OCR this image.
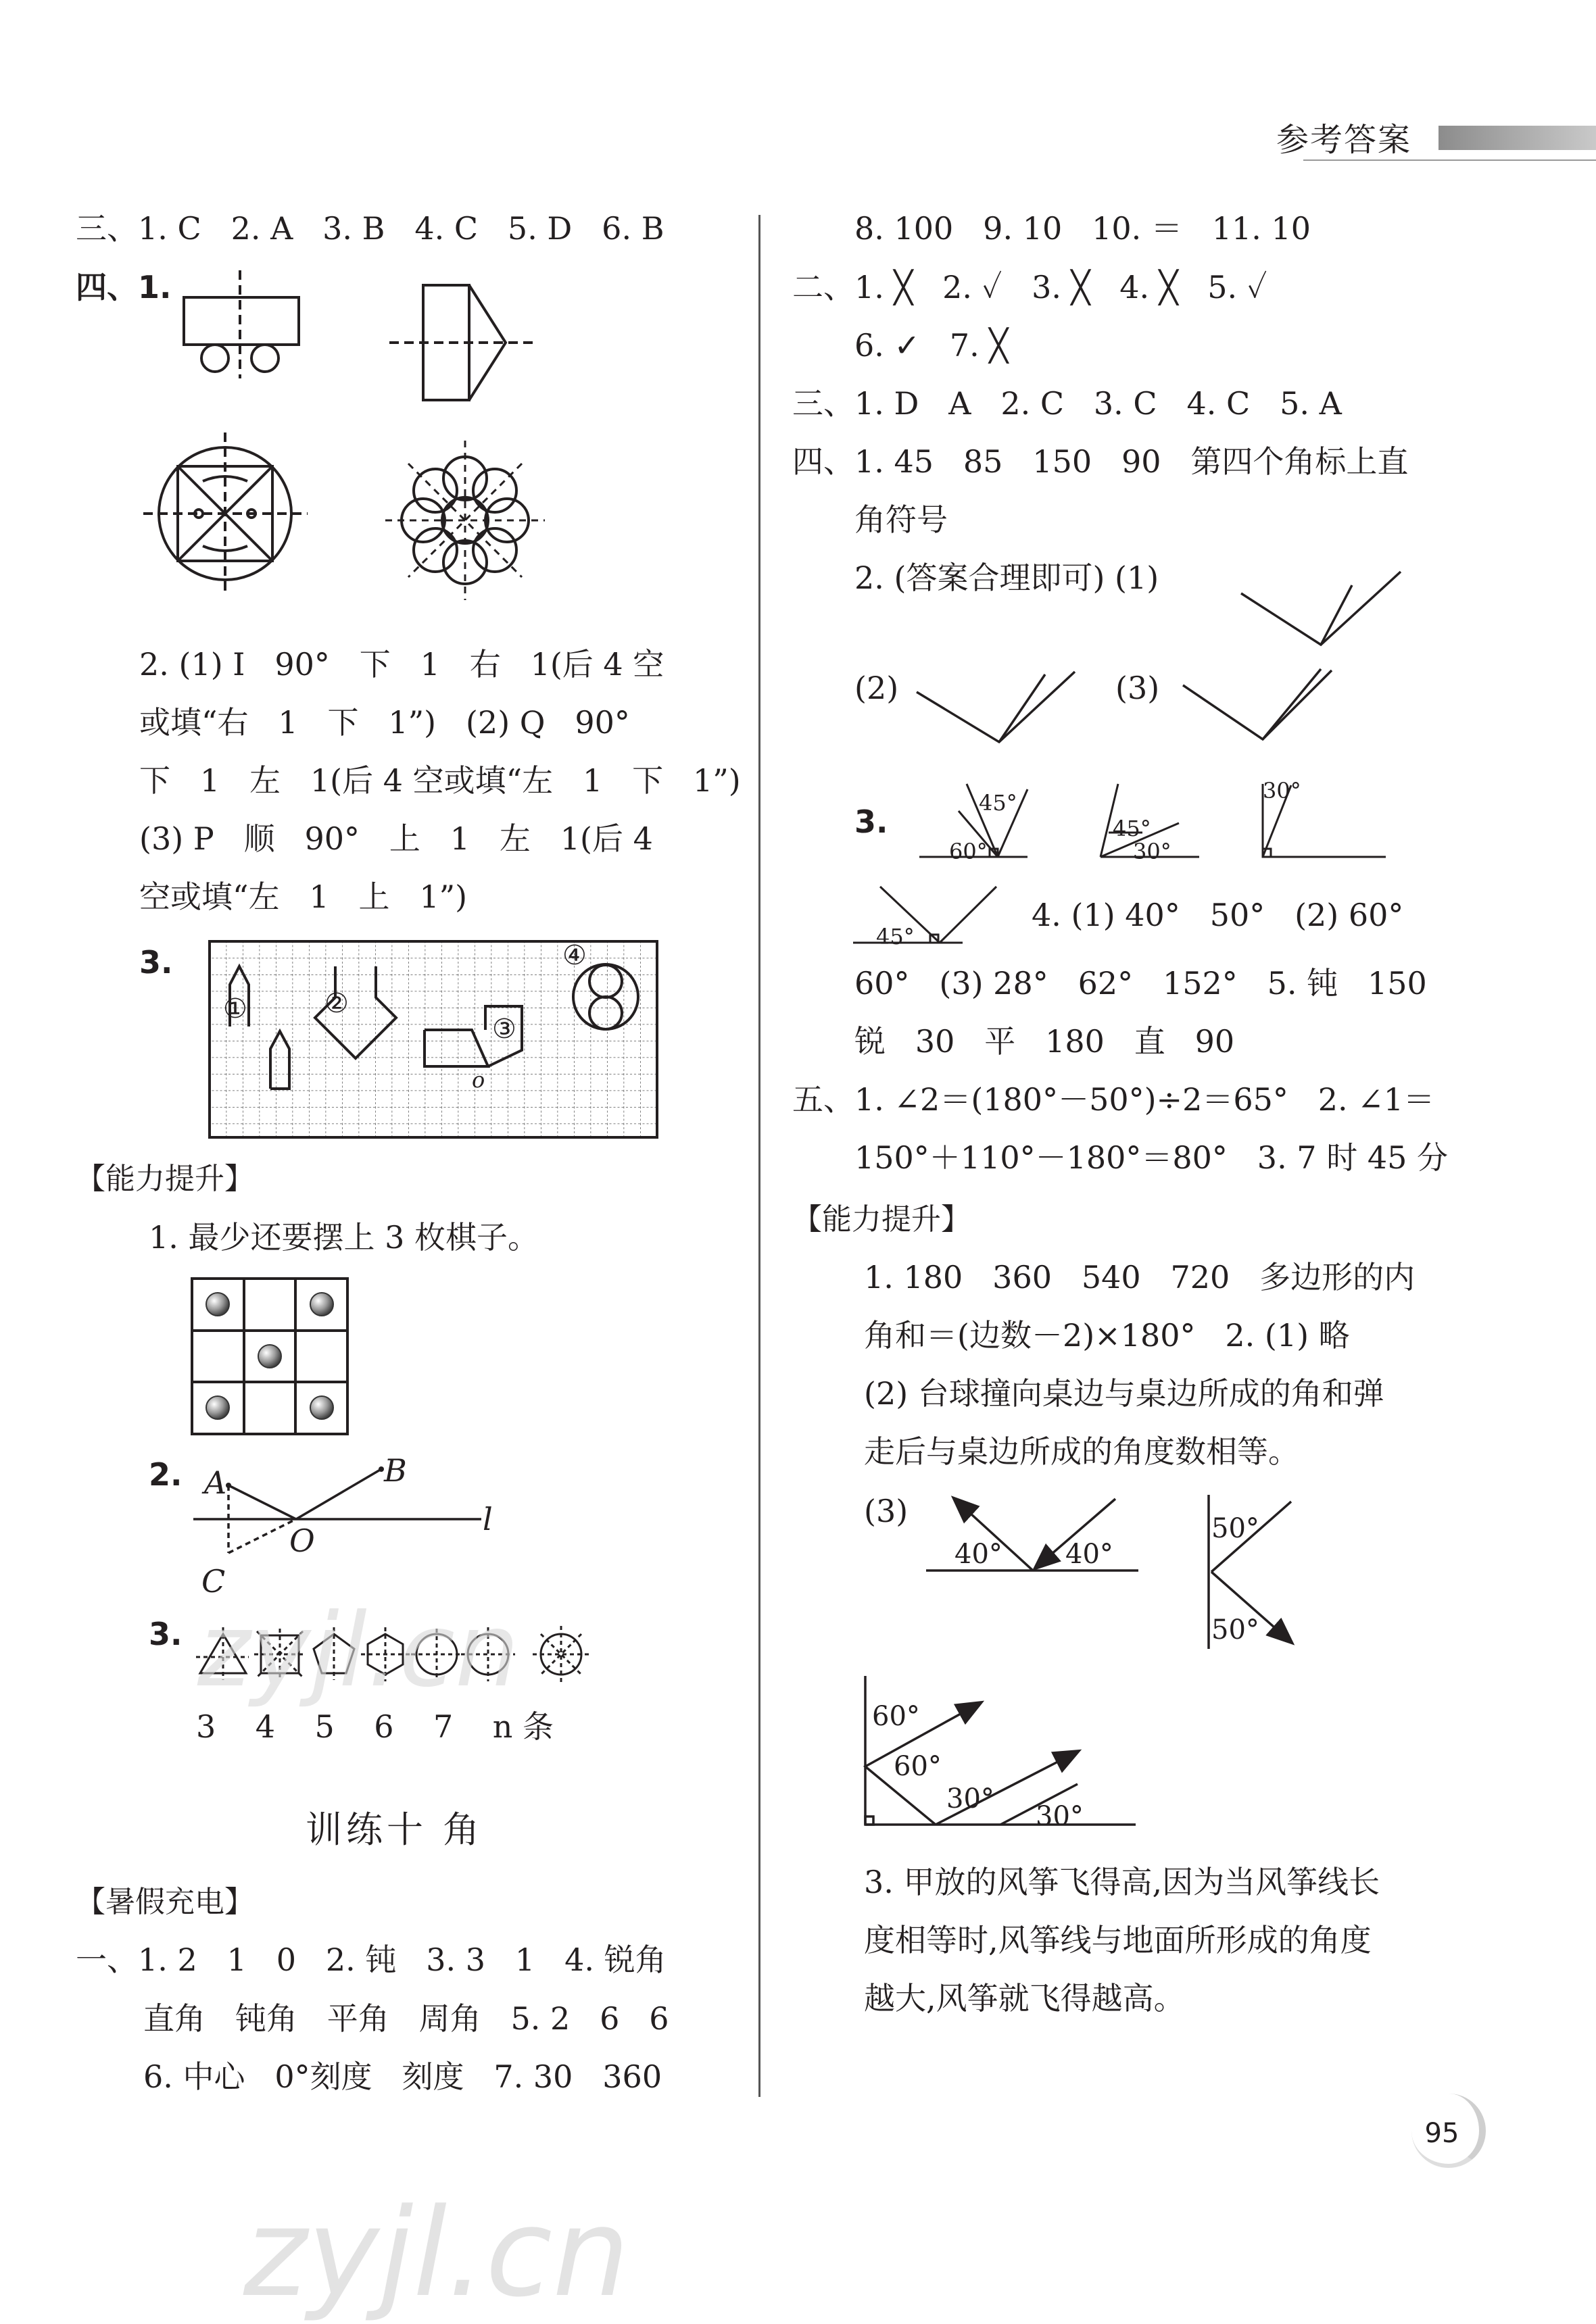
参考答案
三、1. C   2. A   3. B   4. C   5. D   6. B
四、1.
2. (1) I   90°   下   1   右   1(后 4 空
或填“右   1   下   1”)   (2) Q   90°
下   1   左   1(后 4 空或填“左   1   下   1”)
(3) P   顺   90°   上   1   左   1(后 4
空或填“左   1   上   1”)
3.
①	②
③
④
o
【能力提升】
1. 最少还要摆上 3 枚棋子。
2. A	B
O
C
l
3.
3    4    5    6    7    n 条
zyjl.cn
训练十 角
【暑假充电】
一、1. 2   1   0   2. 钝   3. 3   1   4. 锐角
直角   钝角   平角   周角   5. 2   6   6
6. 中心   0°刻度   刻度   7. 30   360
8. 100   9. 10   10. ＝   11. 10
二、1. ╳   2. ✓   3. ╳   4. ╳   5. ✓
6. ✓   7. ╳
三、1. D   A   2. C   3. C   4. C   5. A
四、1. 45   85   150   90   第四个角标上直
角符号
2. (答案合理即可) (1)
(2)	(3)
3.
45°
60°
45°
30°
30°
45°
4. (1) 40°   50°   (2) 60°
60°   (3) 28°   62°   152°   5. 钝   150
锐   30   平   180   直   90
五、1. ∠2＝(180°－50°)÷2＝65°   2. ∠1＝
150°＋110°－180°＝80°   3. 7 时 45 分
【能力提升】
1. 180   360   540   720   多边形的内
角和＝(边数－2)×180°   2. (1) 略
(2) 台球撞向桌边与桌边所成的角和弹
走后与桌边所成的角度数相等。
(3)
40° 40°
50°
50°
60°
60°
30°
30°
3. 甲放的风筝飞得高,因为当风筝线长
度相等时,风筝线与地面所形成的角度
越大,风筝就飞得越高。
95
zyjl.cn
